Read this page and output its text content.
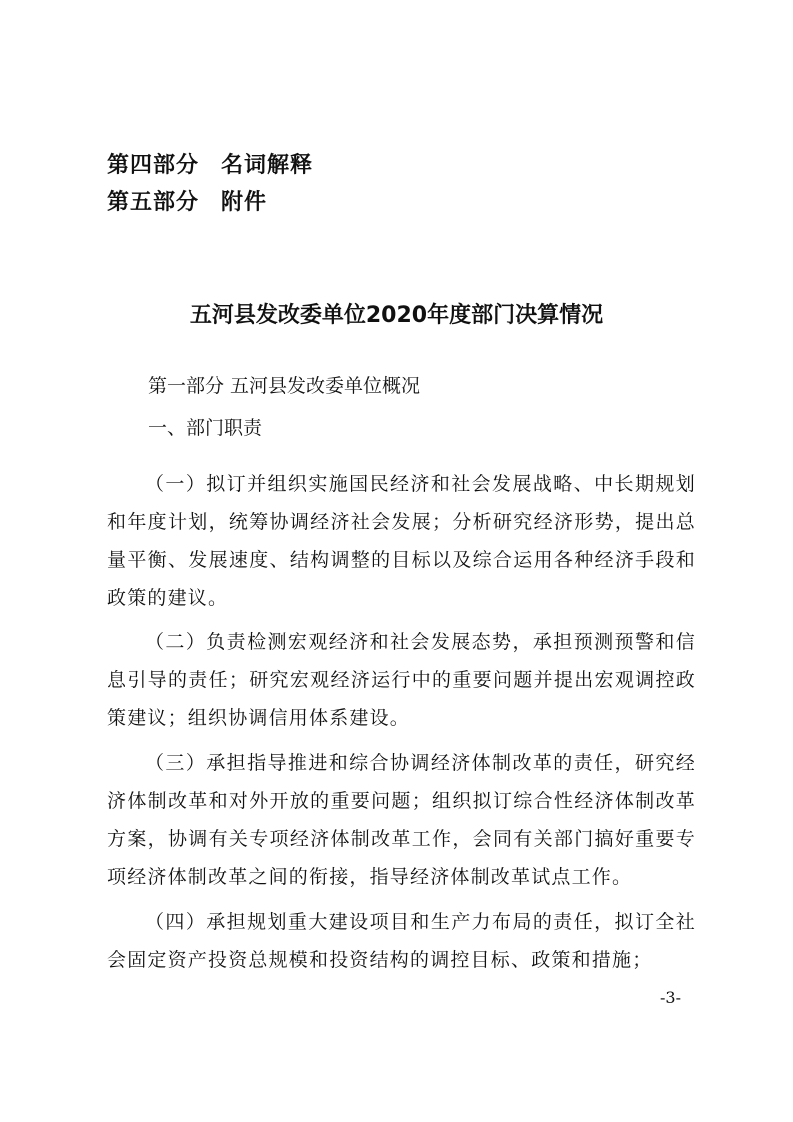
第四部分 名词解释
第五部分 附件
五河县发改委单位2020年度部门决算情况
第一部分 五河县发改委单位概况
一、部门职责

（一）拟订并组织实施国民经济和社会发展战略、中长期规划和年度计划，统筹协调经济社会发展；分析研究经济形势，提出总量平衡、发展速度、结构调整的目标以及综合运用各种经济手段和政策的建议。

（二）负责检测宏观经济和社会发展态势，承担预测预警和信息引导的责任；研究宏观经济运行中的重要问题并提出宏观调控政策建议；组织协调信用体系建设。

（三）承担指导推进和综合协调经济体制改革的责任，研究经济体制改革和对外开放的重要问题；组织拟订综合性经济体制改革方案，协调有关专项经济体制改革工作，会同有关部门搞好重要专项经济体制改革之间的衔接，指导经济体制改革试点工作。

（四）承担规划重大建设项目和生产力布局的责任，拟订全社会固定资产投资总规模和投资结构的调控目标、政策和措施；

-3-
